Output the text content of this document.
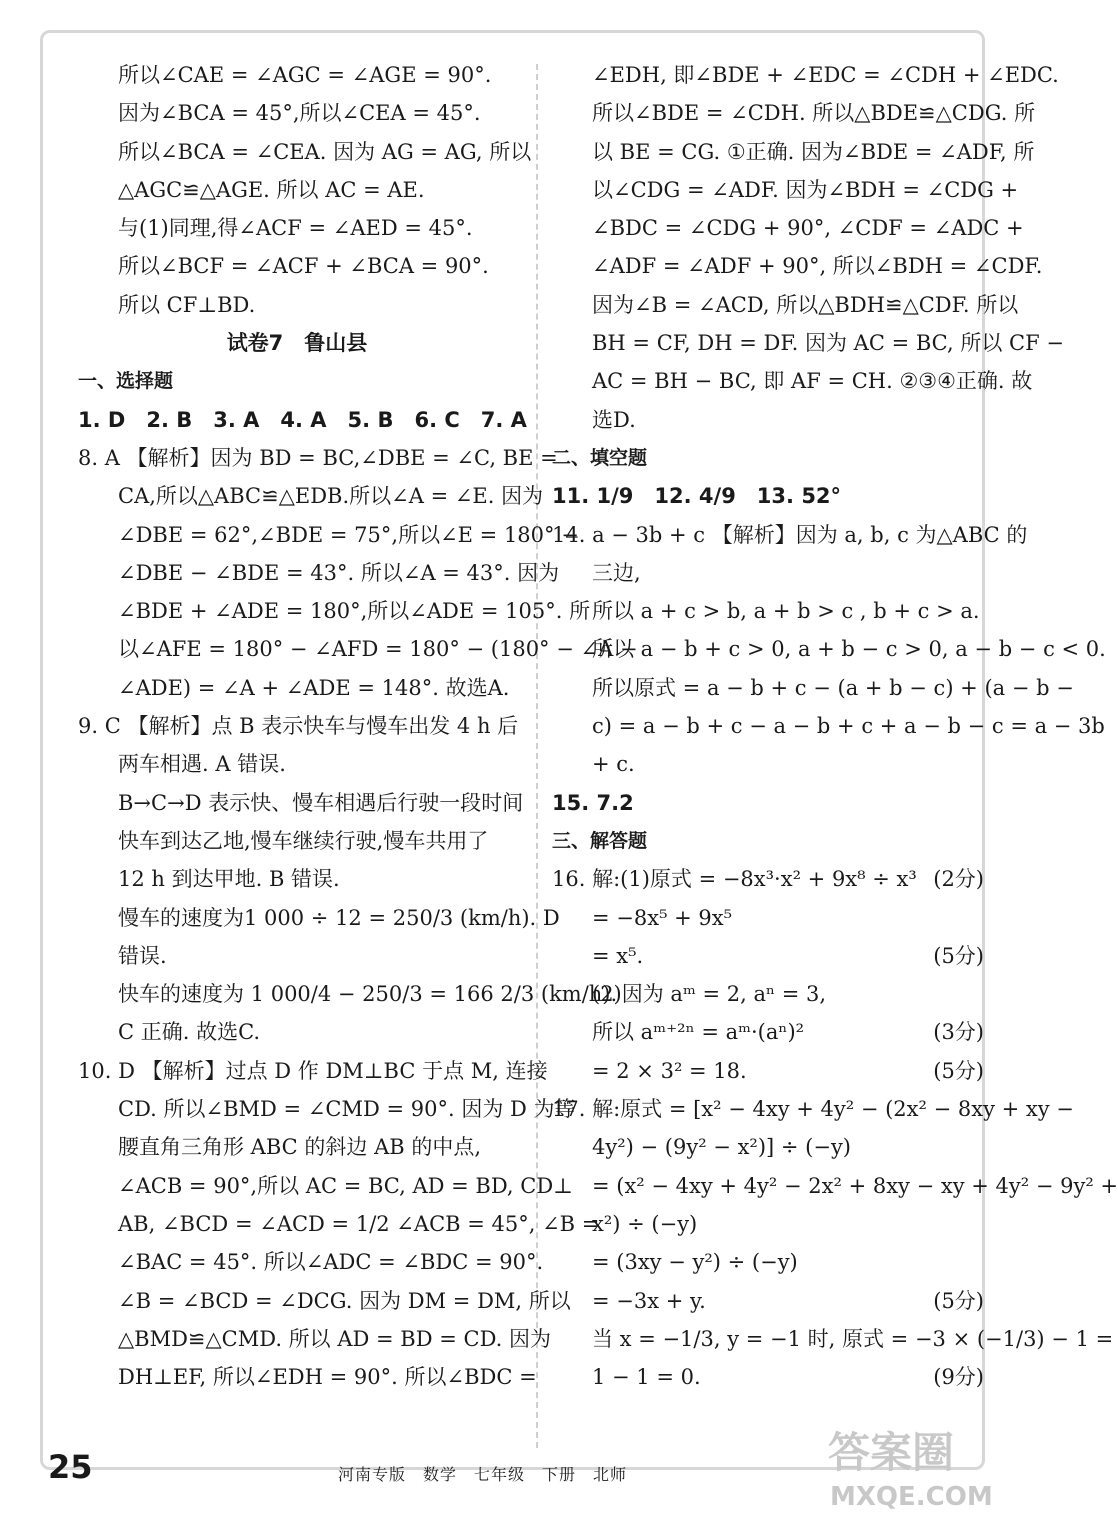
所以∠CAE = ∠AGC = ∠AGE = 90°.
因为∠BCA = 45°,所以∠CEA = 45°.
所以∠BCA = ∠CEA. 因为 AG = AG, 所以
△AGC≌△AGE. 所以 AC = AE.
与(1)同理,得∠ACF = ∠AED = 45°.
所以∠BCF = ∠ACF + ∠BCA = 90°.
所以 CF⊥BD.
试卷7　鲁山县
一、选择题
1. D　2. B　3. A　4. A　5. B　6. C　7. A
8. A 【解析】因为 BD = BC,∠DBE = ∠C, BE =
CA,所以△ABC≌△EDB.所以∠A = ∠E. 因为
∠DBE = 62°,∠BDE = 75°,所以∠E = 180° −
∠DBE − ∠BDE = 43°. 所以∠A = 43°. 因为
∠BDE + ∠ADE = 180°,所以∠ADE = 105°. 所
以∠AFE = 180° − ∠AFD = 180° − (180° − ∠A −
∠ADE) = ∠A + ∠ADE = 148°. 故选A.
9. C 【解析】点 B 表示快车与慢车出发 4 h 后
两车相遇. A 错误.
B→C→D 表示快、慢车相遇后行驶一段时间
快车到达乙地,慢车继续行驶,慢车共用了
12 h 到达甲地. B 错误.
慢车的速度为1 000 ÷ 12 = 250/3 (km/h). D
错误.
快车的速度为 1 000/4 − 250/3 = 166 2/3 (km/h).
C 正确. 故选C.
10. D 【解析】过点 D 作 DM⊥BC 于点 M, 连接
CD. 所以∠BMD = ∠CMD = 90°. 因为 D 为等
腰直角三角形 ABC 的斜边 AB 的中点,
∠ACB = 90°,所以 AC = BC, AD = BD, CD⊥
AB, ∠BCD = ∠ACD = 1/2 ∠ACB = 45°, ∠B =
∠BAC = 45°. 所以∠ADC = ∠BDC = 90°.
∠B = ∠BCD = ∠DCG. 因为 DM = DM, 所以
△BMD≌△CMD. 所以 AD = BD = CD. 因为
DH⊥EF, 所以∠EDH = 90°. 所以∠BDC =
∠EDH, 即∠BDE + ∠EDC = ∠CDH + ∠EDC.
所以∠BDE = ∠CDH. 所以△BDE≌△CDG. 所
以 BE = CG. ①正确. 因为∠BDE = ∠ADF, 所
以∠CDG = ∠ADF. 因为∠BDH = ∠CDG +
∠BDC = ∠CDG + 90°, ∠CDF = ∠ADC +
∠ADF = ∠ADF + 90°, 所以∠BDH = ∠CDF.
因为∠B = ∠ACD, 所以△BDH≌△CDF. 所以
BH = CF, DH = DF. 因为 AC = BC, 所以 CF −
AC = BH − BC, 即 AF = CH. ②③④正确. 故
选D.
二、填空题
11. 1/9　12. 4/9　13. 52°
14. a − 3b + c 【解析】因为 a, b, c 为△ABC 的
三边,
所以 a + c > b, a + b > c , b + c > a.
所以 a − b + c > 0, a + b − c > 0, a − b − c < 0.
所以原式 = a − b + c − (a + b − c) + (a − b −
c) = a − b + c − a − b + c + a − b − c = a − 3b
+ c.
15. 7.2
三、解答题
16. 解:(1)原式 = −8x³·x² + 9x⁸ ÷ x³ (2分)
= −8x⁵ + 9x⁵
= x⁵.	(5分)
(2)因为 aᵐ = 2, aⁿ = 3,
所以 aᵐ⁺²ⁿ = aᵐ·(aⁿ)²	(3分)
= 2 × 3² = 18.	(5分)
17. 解:原式 = [x² − 4xy + 4y² − (2x² − 8xy + xy −
4y²) − (9y² − x²)] ÷ (−y)
= (x² − 4xy + 4y² − 2x² + 8xy − xy + 4y² − 9y² +
x²) ÷ (−y)
= (3xy − y²) ÷ (−y)
= −3x + y.	(5分)
当 x = −1/3, y = −1 时, 原式 = −3 × (−1/3) − 1 =
1 − 1 = 0.	(9分)
25	河南专版　数学　七年级　下册　北师	答案圈
MXQE.COM
